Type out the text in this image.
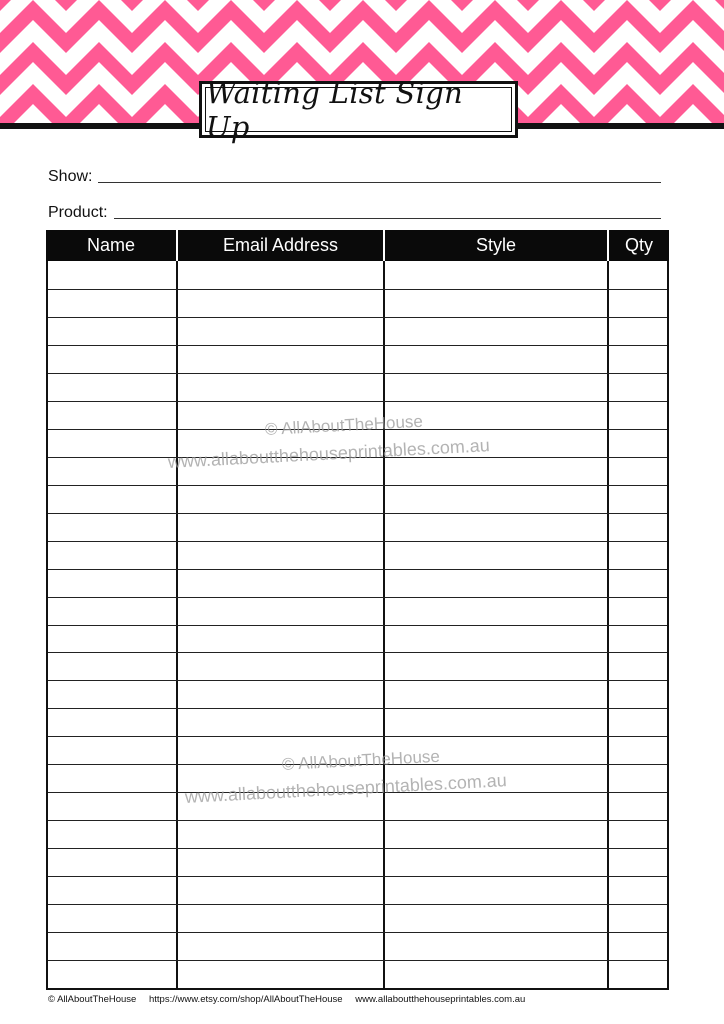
Waiting List Sign Up
Show:
Product:
Name	Email Address	Style	Qty
© AllAboutTheHouse
www.allaboutthehouseprintables.com.au
© AllAboutTheHouse
www.allaboutthehouseprintables.com.au
© AllAboutTheHouse https://www.etsy.com/shop/AllAboutTheHouse www.allaboutthehouseprintables.com.au
